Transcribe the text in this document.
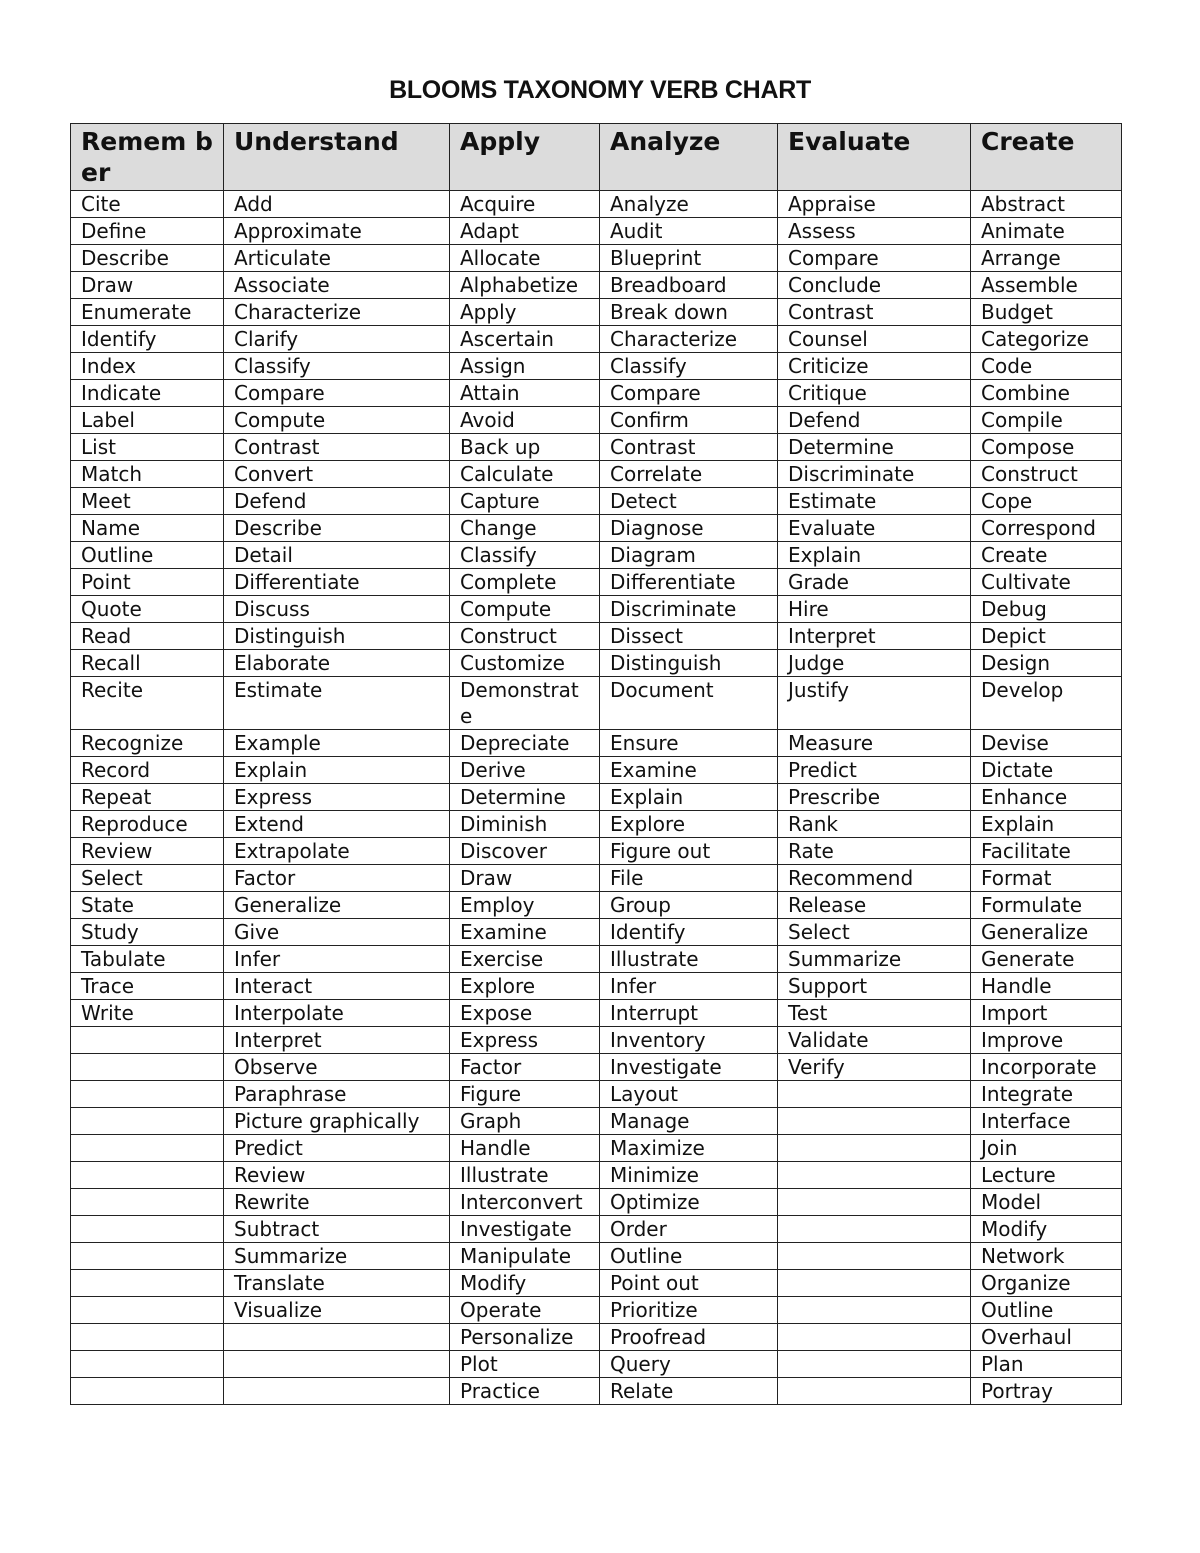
BLOOMS TAXONOMY VERB CHART
Remem ber	Understand	Apply	Analyze	Evaluate	Create
Cite	Add	Acquire	Analyze	Appraise	Abstract
Define	Approximate	Adapt	Audit	Assess	Animate
Describe	Articulate	Allocate	Blueprint	Compare	Arrange
Draw	Associate	Alphabetize	Breadboard	Conclude	Assemble
Enumerate	Characterize	Apply	Break down	Contrast	Budget
Identify	Clarify	Ascertain	Characterize	Counsel	Categorize
Index	Classify	Assign	Classify	Criticize	Code
Indicate	Compare	Attain	Compare	Critique	Combine
Label	Compute	Avoid	Confirm	Defend	Compile
List	Contrast	Back up	Contrast	Determine	Compose
Match	Convert	Calculate	Correlate	Discriminate	Construct
Meet	Defend	Capture	Detect	Estimate	Cope
Name	Describe	Change	Diagnose	Evaluate	Correspond
Outline	Detail	Classify	Diagram	Explain	Create
Point	Differentiate	Complete	Differentiate	Grade	Cultivate
Quote	Discuss	Compute	Discriminate	Hire	Debug
Read	Distinguish	Construct	Dissect	Interpret	Depict
Recall	Elaborate	Customize	Distinguish	Judge	Design
Recite	Estimate	Demonstrat e	Document	Justify	Develop
Recognize	Example	Depreciate	Ensure	Measure	Devise
Record	Explain	Derive	Examine	Predict	Dictate
Repeat	Express	Determine	Explain	Prescribe	Enhance
Reproduce	Extend	Diminish	Explore	Rank	Explain
Review	Extrapolate	Discover	Figure out	Rate	Facilitate
Select	Factor	Draw	File	Recommend	Format
State	Generalize	Employ	Group	Release	Formulate
Study	Give	Examine	Identify	Select	Generalize
Tabulate	Infer	Exercise	Illustrate	Summarize	Generate
Trace	Interact	Explore	Infer	Support	Handle
Write	Interpolate	Expose	Interrupt	Test	Import
	Interpret	Express	Inventory	Validate	Improve
	Observe	Factor	Investigate	Verify	Incorporate
	Paraphrase	Figure	Layout		Integrate
	Picture graphically	Graph	Manage		Interface
	Predict	Handle	Maximize		Join
	Review	Illustrate	Minimize		Lecture
	Rewrite	Interconvert	Optimize		Model
	Subtract	Investigate	Order		Modify
	Summarize	Manipulate	Outline		Network
	Translate	Modify	Point out		Organize
	Visualize	Operate	Prioritize		Outline
		Personalize	Proofread		Overhaul
		Plot	Query		Plan
		Practice	Relate		Portray
